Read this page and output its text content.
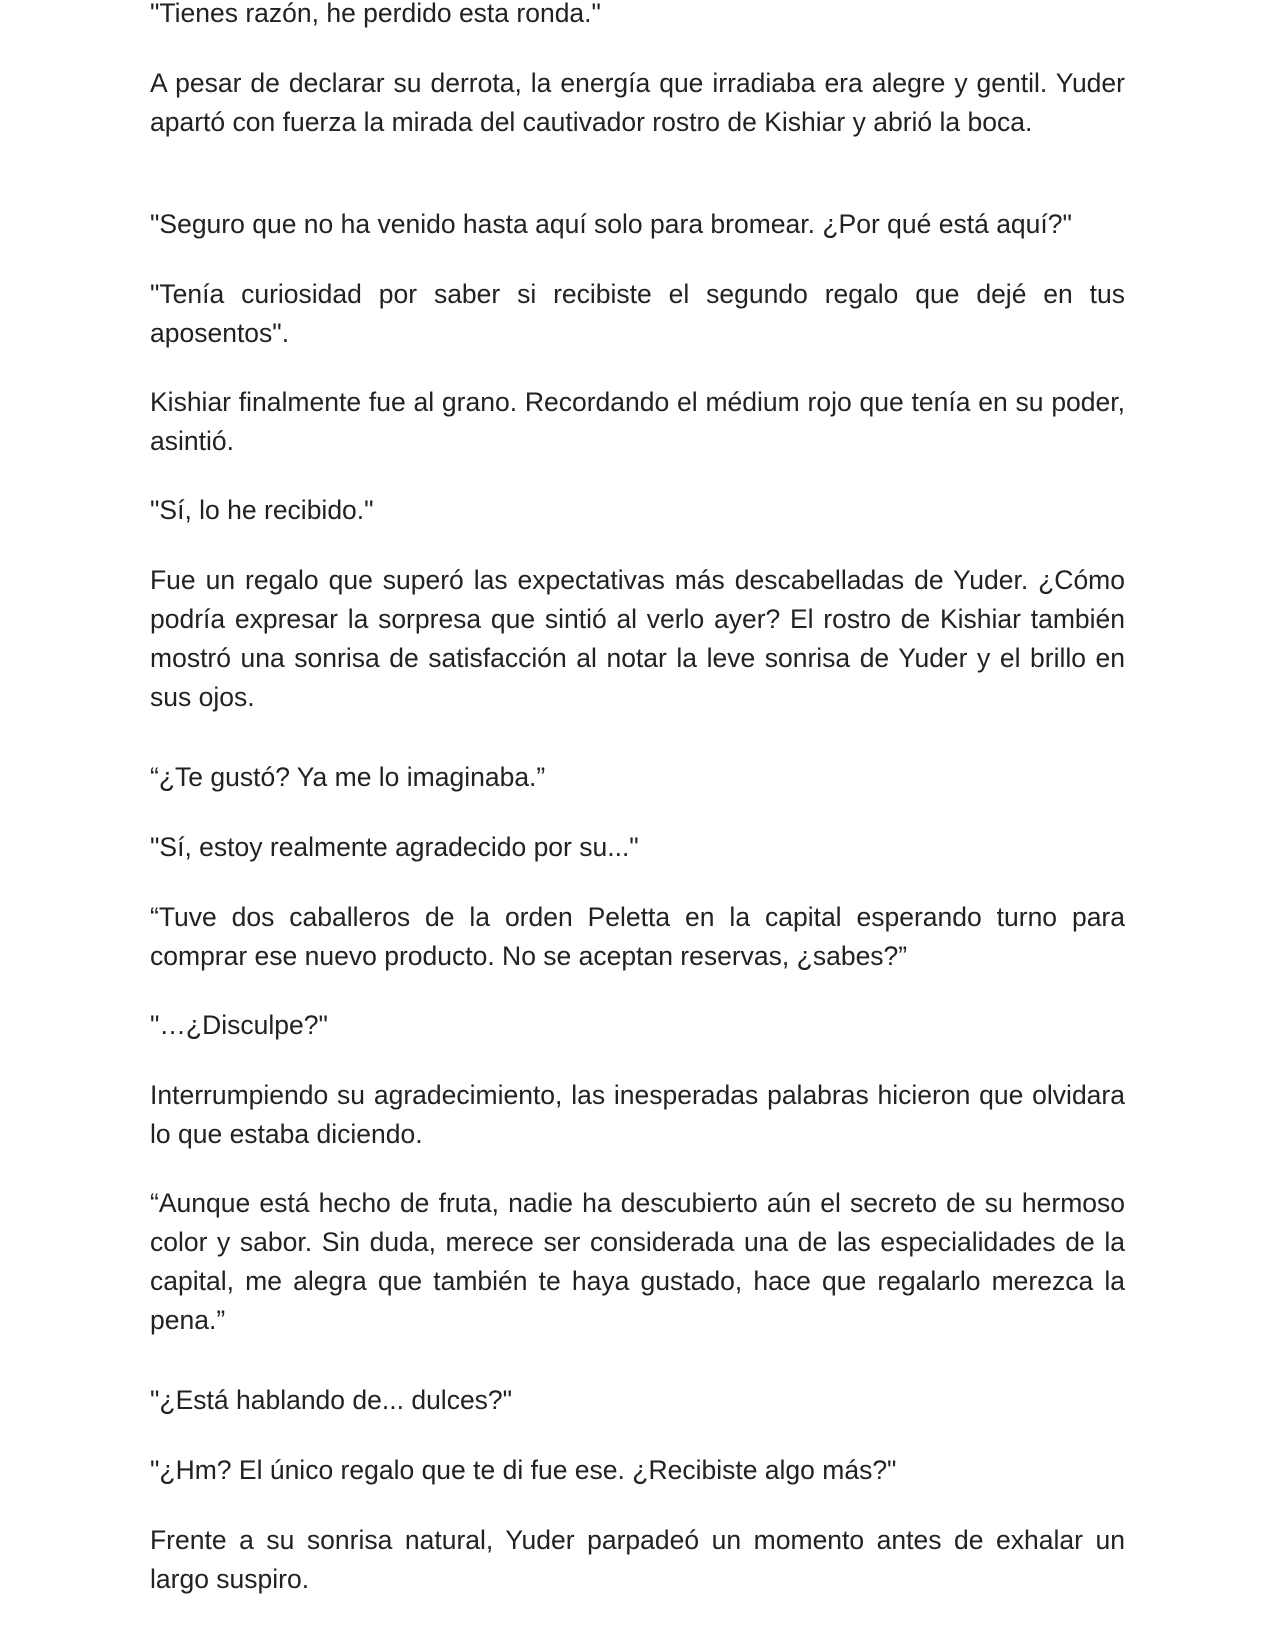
"Tienes razón, he perdido esta ronda."

A pesar de declarar su derrota, la energía que irradiaba era alegre y gentil. Yuder apartó con fuerza la mirada del cautivador rostro de Kishiar y abrió la boca.

"Seguro que no ha venido hasta aquí solo para bromear. ¿Por qué está aquí?"

"Tenía curiosidad por saber si recibiste el segundo regalo que dejé en tus aposentos".

Kishiar finalmente fue al grano. Recordando el médium rojo que tenía en su poder, asintió.

"Sí, lo he recibido."

Fue un regalo que superó las expectativas más descabelladas de Yuder. ¿Cómo podría expresar la sorpresa que sintió al verlo ayer? El rostro de Kishiar también mostró una sonrisa de satisfacción al notar la leve sonrisa de Yuder y el brillo en sus ojos.

“¿Te gustó? Ya me lo imaginaba.”

"Sí, estoy realmente agradecido por su..."

“Tuve dos caballeros de la orden Peletta en la capital esperando turno para comprar ese nuevo producto. No se aceptan reservas, ¿sabes?”

"…¿Disculpe?"

Interrumpiendo su agradecimiento, las inesperadas palabras hicieron que olvidara lo que estaba diciendo.

“Aunque está hecho de fruta, nadie ha descubierto aún el secreto de su hermoso color y sabor. Sin duda, merece ser considerada una de las especialidades de la capital, me alegra que también te haya gustado, hace que regalarlo merezca la pena.”

"¿Está hablando de... dulces?"

"¿Hm? El único regalo que te di fue ese. ¿Recibiste algo más?"

Frente a su sonrisa natural, Yuder parpadeó un momento antes de exhalar un largo suspiro.
